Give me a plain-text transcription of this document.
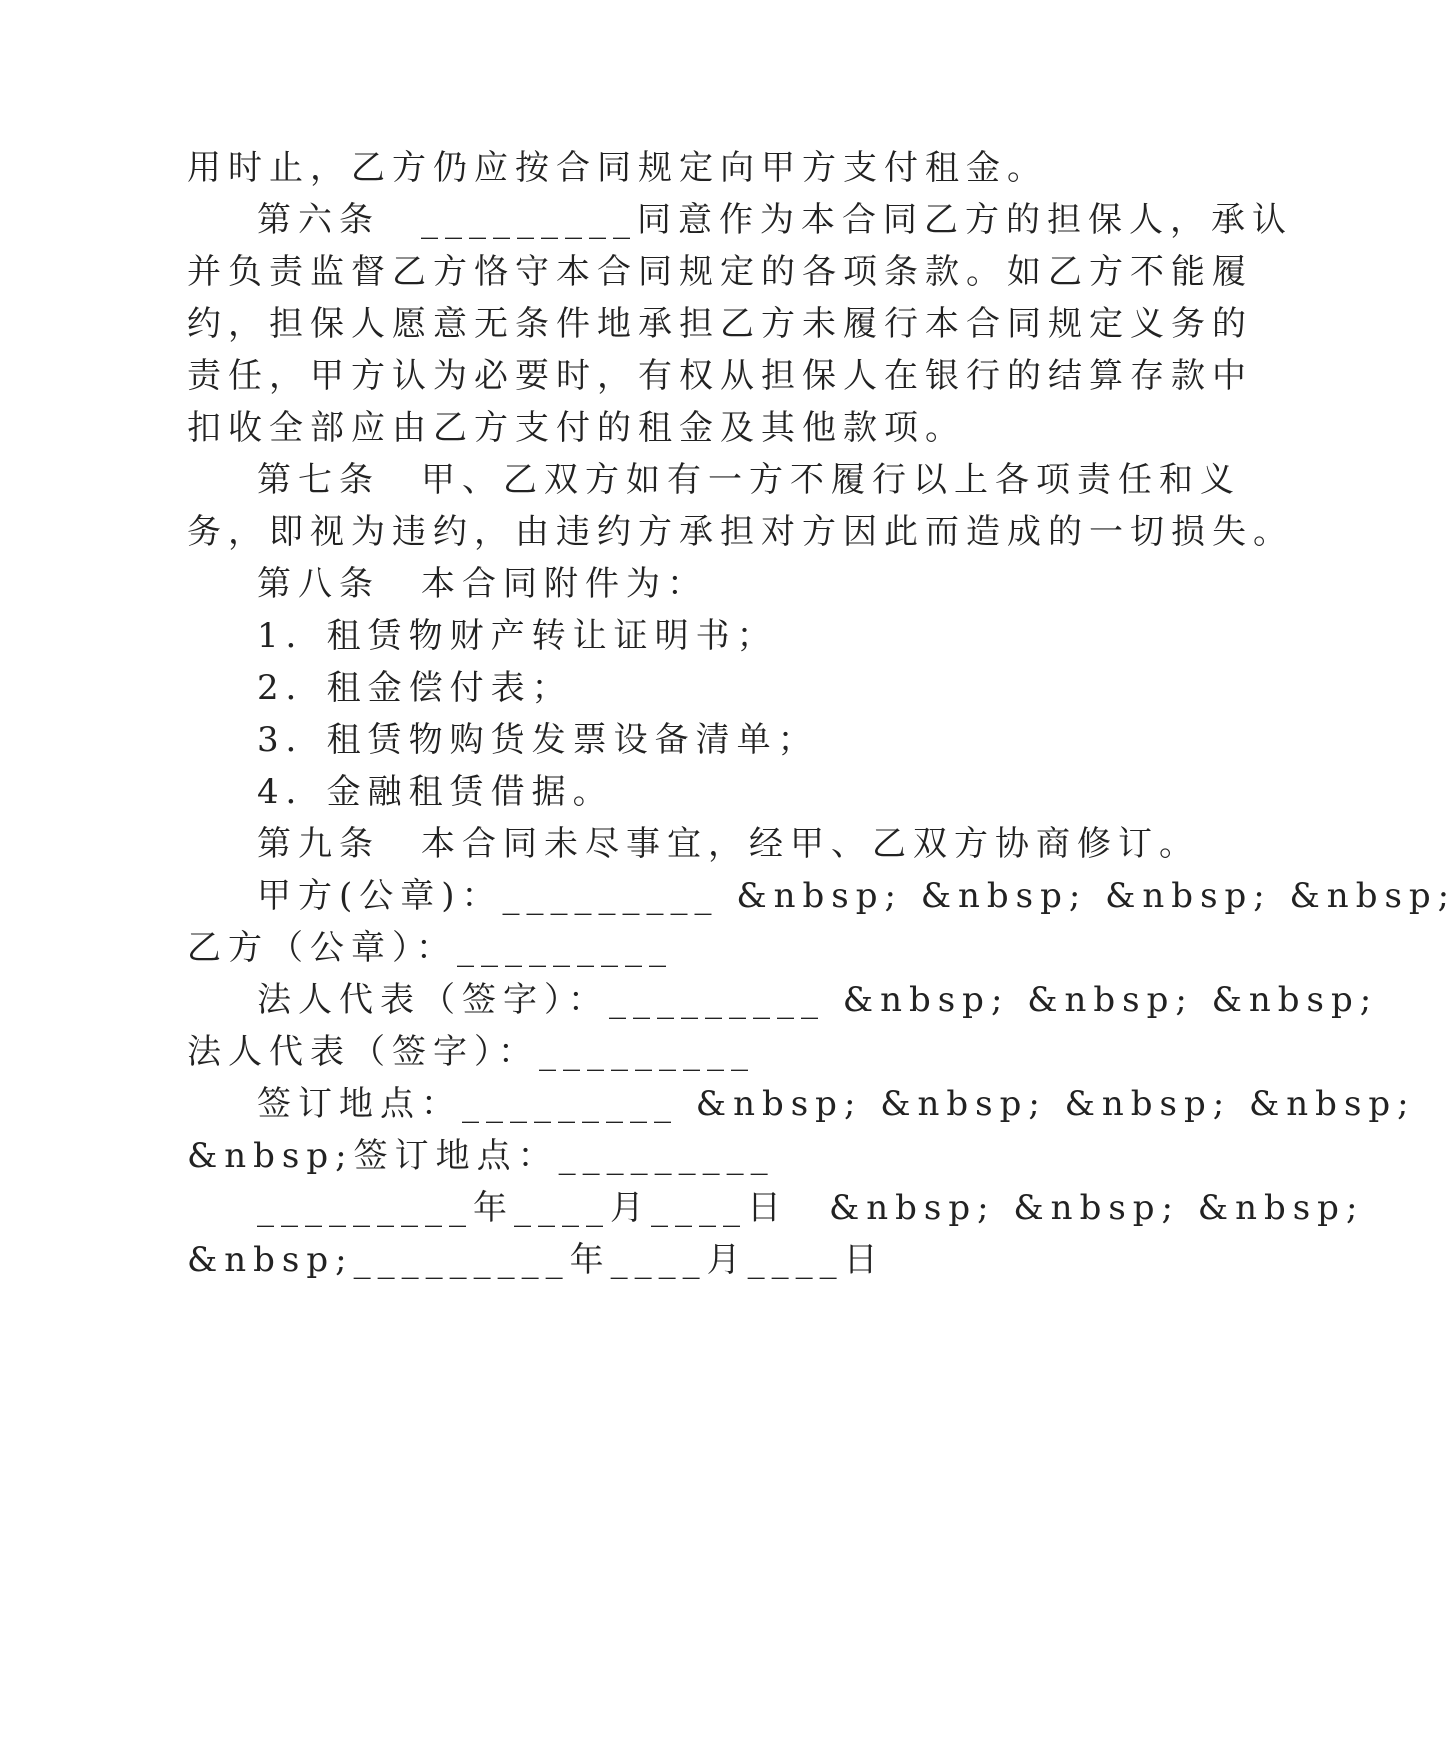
用时止，乙方仍应按合同规定向甲方支付租金。
第六条　_________同意作为本合同乙方的担保人，承认
并负责监督乙方恪守本合同规定的各项条款。如乙方不能履
约，担保人愿意无条件地承担乙方未履行本合同规定义务的
责任，甲方认为必要时，有权从担保人在银行的结算存款中
扣收全部应由乙方支付的租金及其他款项。
第七条　甲、乙双方如有一方不履行以上各项责任和义
务，即视为违约，由违约方承担对方因此而造成的一切损失。
第八条　本合同附件为：
1．租赁物财产转让证明书；
2．租金偿付表；
3．租赁物购货发票设备清单；
4．金融租赁借据。
第九条　本合同未尽事宜，经甲、乙双方协商修订。
甲方(公章)：_________ &nbsp; &nbsp; &nbsp; &nbsp;
乙方（公章）：_________
法人代表（签字）：_________ &nbsp; &nbsp; &nbsp;
法人代表（签字）：_________
签订地点：_________ &nbsp; &nbsp; &nbsp; &nbsp;
&nbsp;签订地点：_________
_________年____月____日　&nbsp; &nbsp; &nbsp;
&nbsp;_________年____月____日
